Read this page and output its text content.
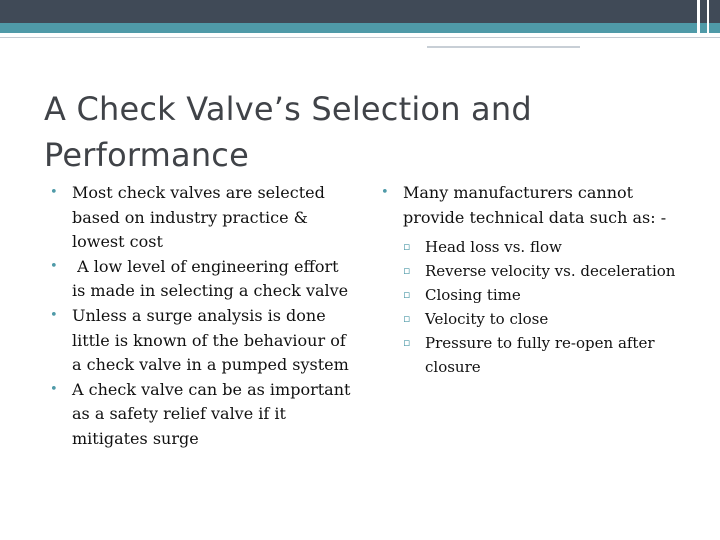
A Check Valve’s Selection and Performance
• Most check valves are selected based on industry practice & lowest cost
• A low level of engineering effort is made in selecting a check valve
• Unless a surge analysis is done little is known of the behaviour of a check valve in a pumped system
• A check valve can be as important as a safety relief valve if it mitigates surge
• Many manufacturers cannot provide technical data such as: -
▫ Head loss vs. flow
▫ Reverse velocity vs. deceleration
▫ Closing time
▫ Velocity to close
▫ Pressure to fully re-open after closure
